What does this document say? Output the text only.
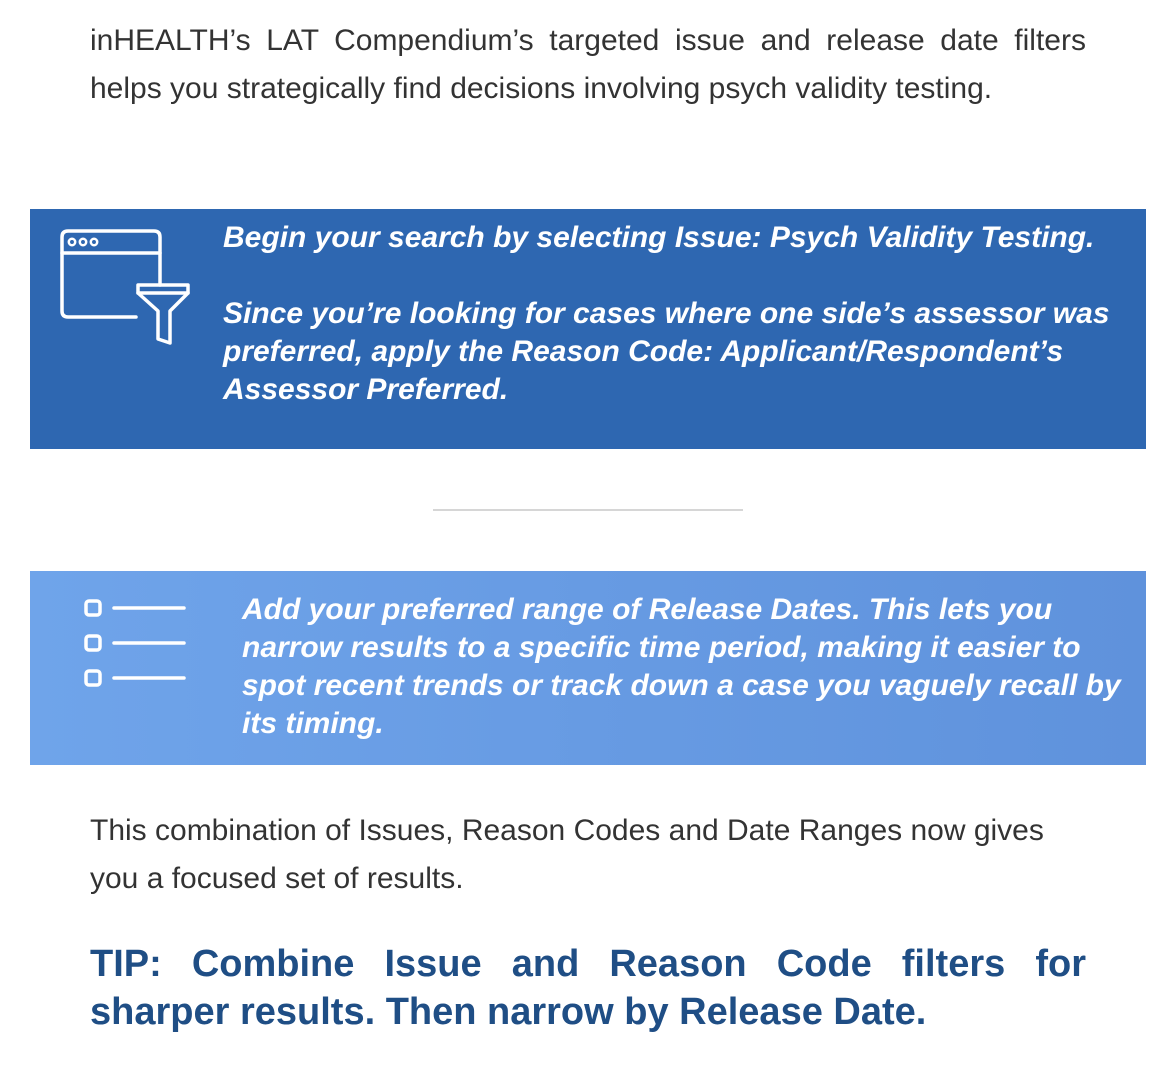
inHEALTH’s LAT Compendium’s targeted issue and release date filters helps you strategically find decisions involving psych validity testing.

Begin your search by selecting Issue: Psych Validity Testing.

Since you’re looking for cases where one side’s assessor was preferred, apply the Reason Code: Applicant/Respondent’s Assessor Preferred.

Add your preferred range of Release Dates. This lets you narrow results to a specific time period, making it easier to spot recent trends or track down a case you vaguely recall by its timing.

This combination of Issues, Reason Codes and Date Ranges now gives you a focused set of results.

TIP: Combine Issue and Reason Code filters for sharper results. Then narrow by Release Date.
